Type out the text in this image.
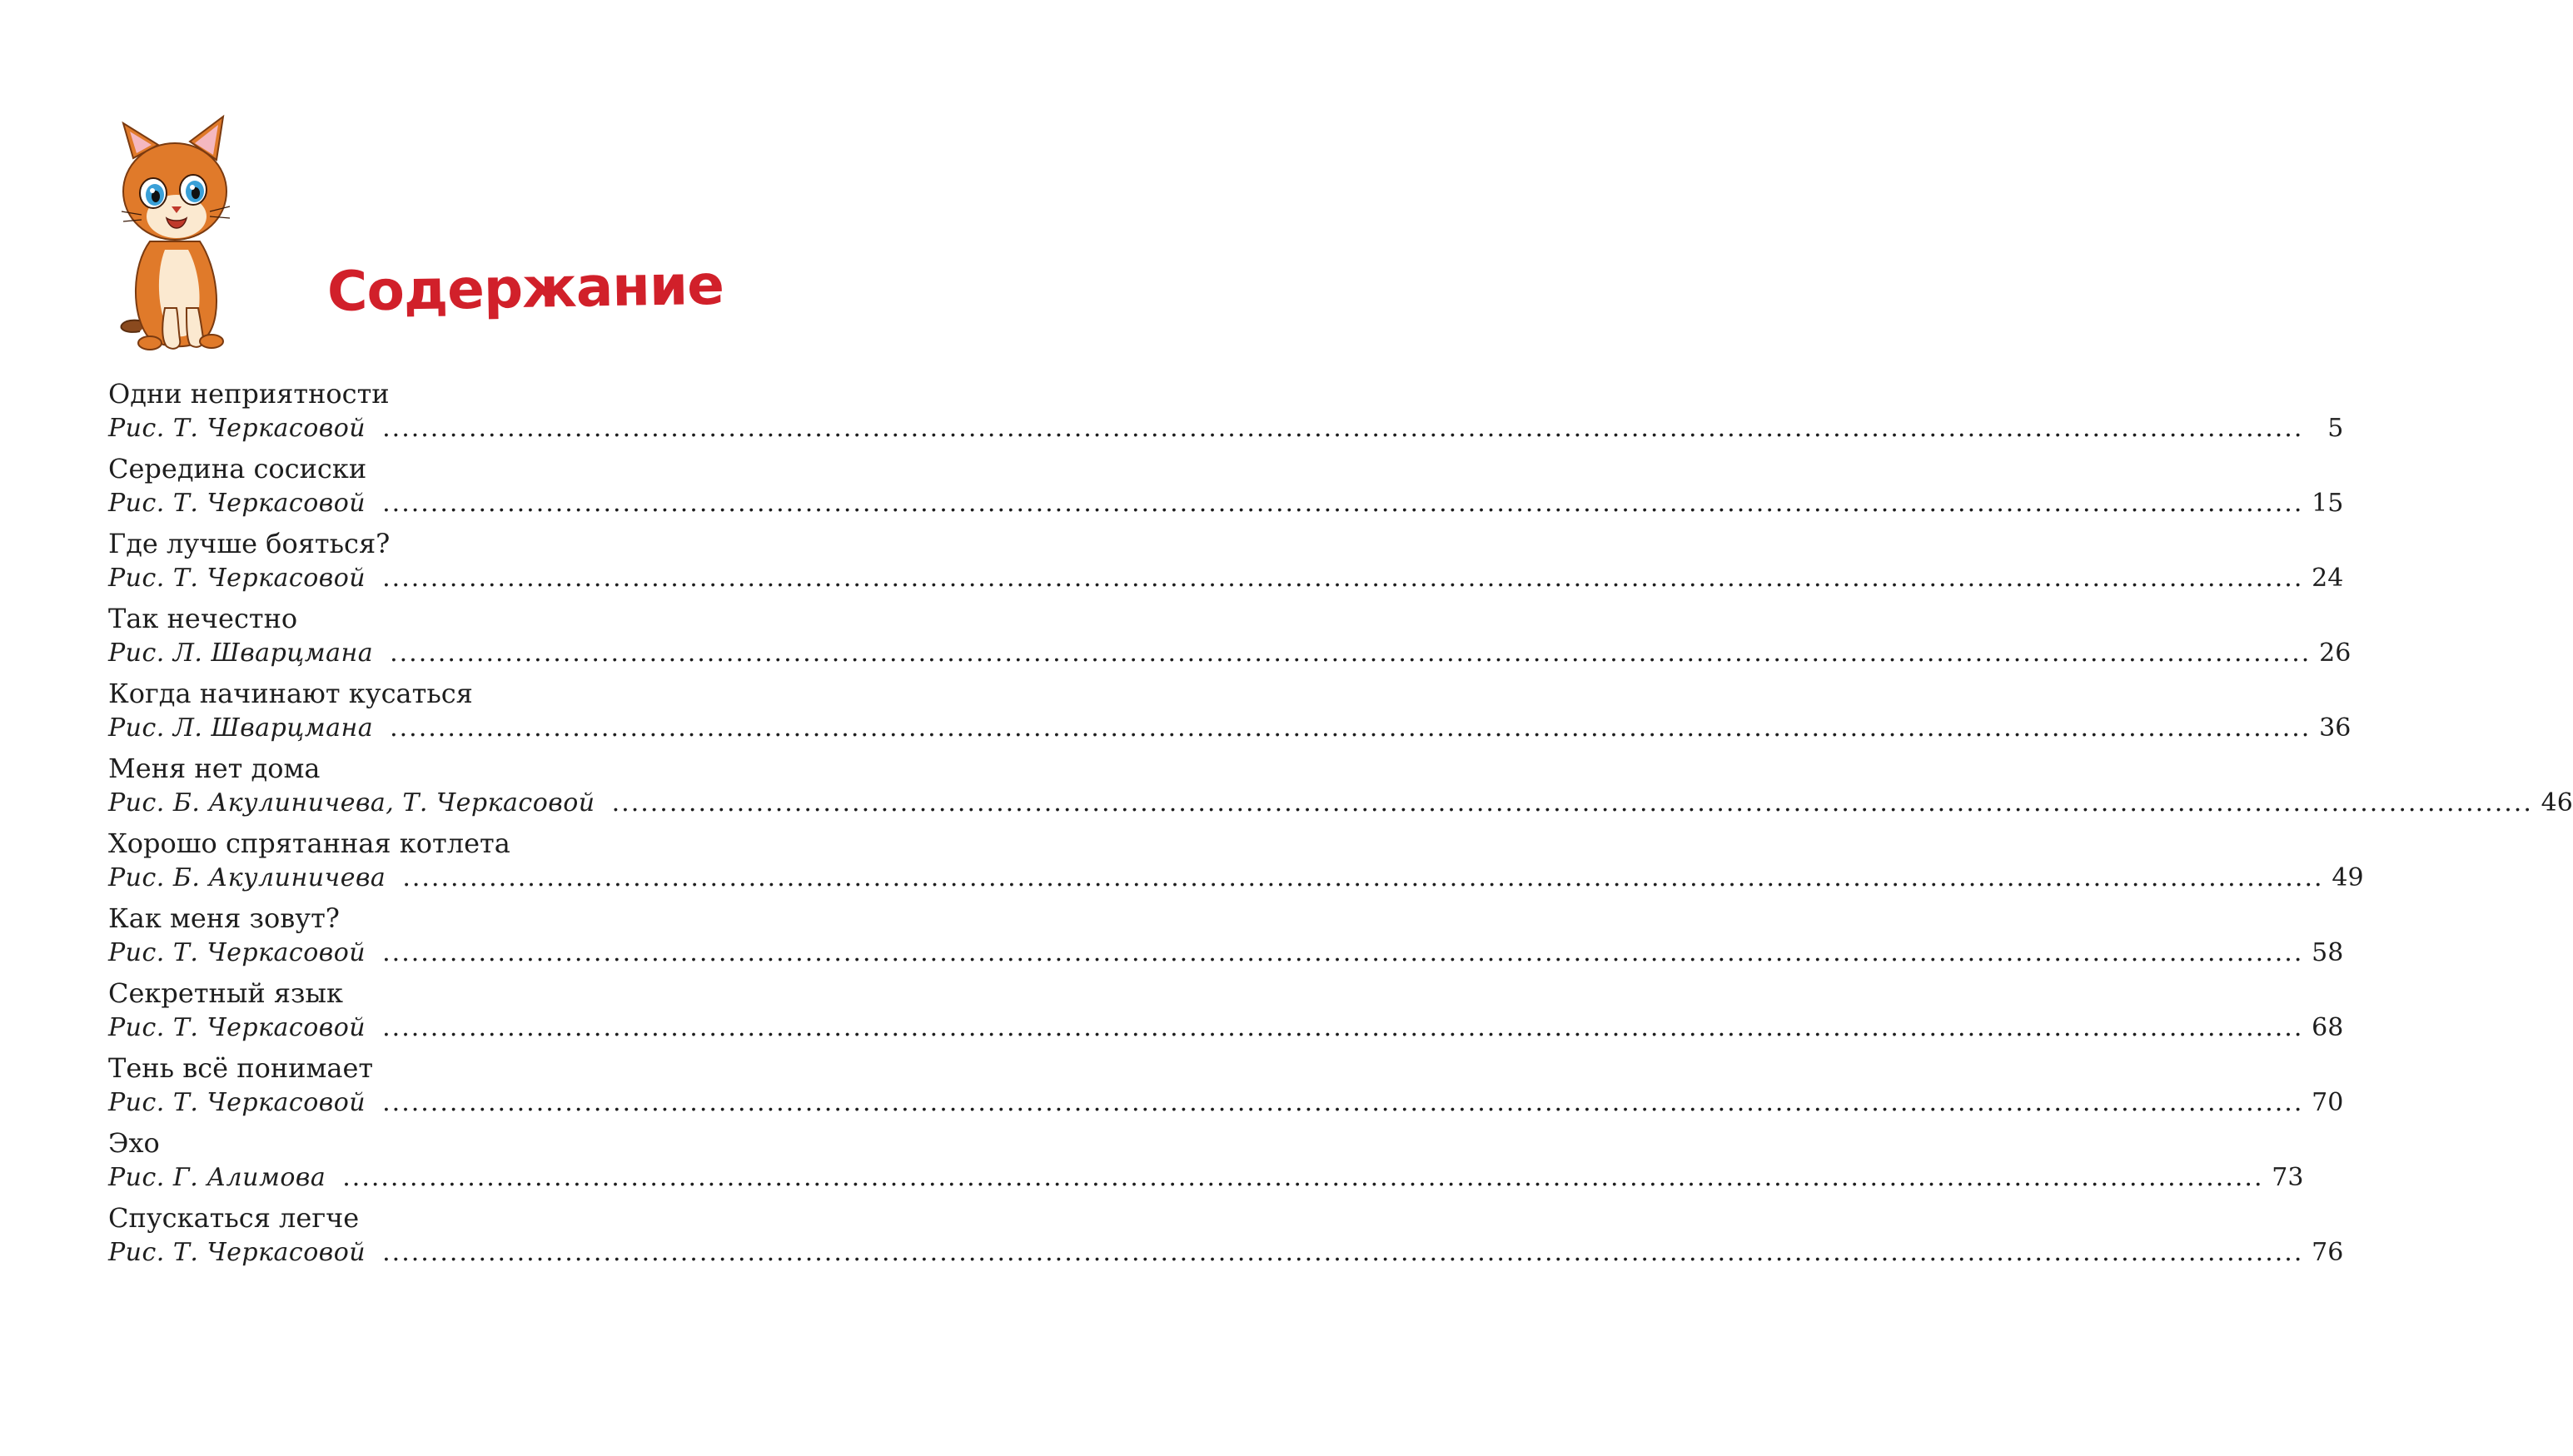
Содержание
Одни неприятности
Рис. Т. Черкасовой ........................................................................................................................................................................................................ 5
Середина сосиски
Рис. Т. Черкасовой ........................................................................................................................................................................................................ 15
Где лучше бояться?
Рис. Т. Черкасовой ........................................................................................................................................................................................................ 24
Так нечестно
Рис. Л. Шварцмана ........................................................................................................................................................................................................ 26
Когда начинают кусаться
Рис. Л. Шварцмана ........................................................................................................................................................................................................ 36
Меня нет дома
Рис. Б. Акулиничева, Т. Черкасовой ........................................................................................................................................................................................................ 46
Хорошо спрятанная котлета
Рис. Б. Акулиничева ........................................................................................................................................................................................................ 49
Как меня зовут?
Рис. Т. Черкасовой ........................................................................................................................................................................................................ 58
Секретный язык
Рис. Т. Черкасовой ........................................................................................................................................................................................................ 68
Тень всё понимает
Рис. Т. Черкасовой ........................................................................................................................................................................................................ 70
Эхо
Рис. Г. Алимова ........................................................................................................................................................................................................ 73
Спускаться легче
Рис. Т. Черкасовой ........................................................................................................................................................................................................ 76
